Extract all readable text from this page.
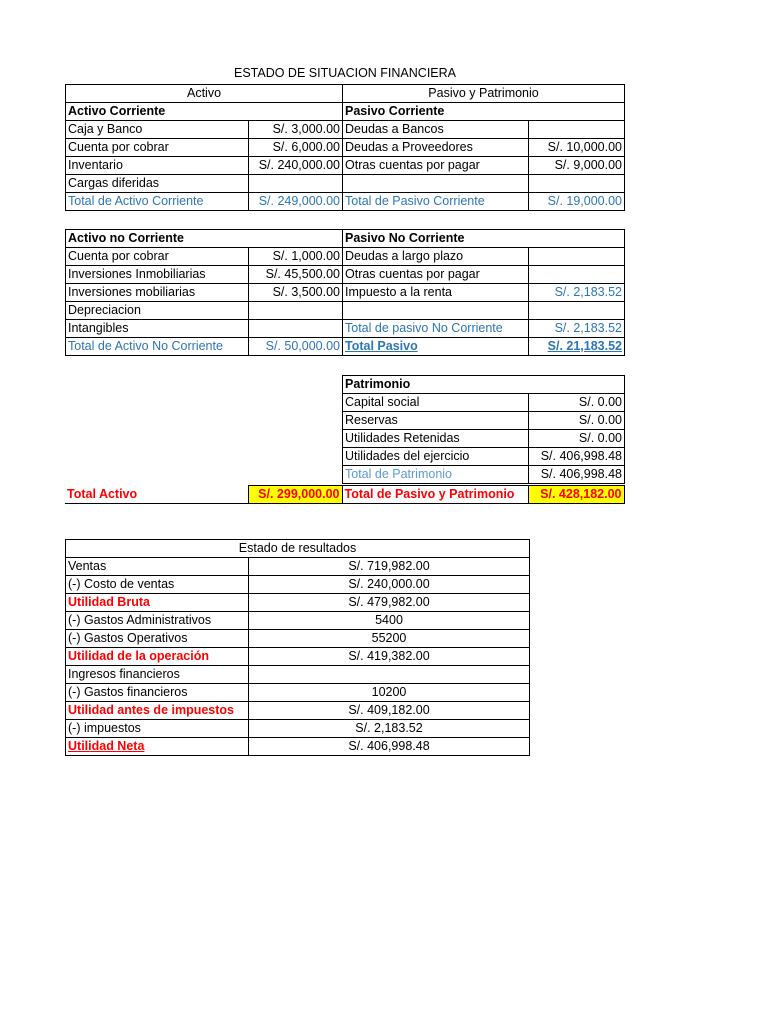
ESTADO DE SITUACION FINANCIERA
Activo		Pasivo y Patrimonio	
Activo Corriente		Pasivo Corriente	
Caja y Banco	S/. 3,000.00	Deudas a Bancos	
Cuenta por cobrar	S/. 6,000.00	Deudas a Proveedores	S/. 10,000.00
Inventario	S/. 240,000.00	Otras cuentas por pagar	S/. 9,000.00
Cargas diferidas			
Total de Activo Corriente	S/. 249,000.00	Total de Pasivo Corriente	S/. 19,000.00
Activo no Corriente		Pasivo No Corriente	
Cuenta por cobrar	S/. 1,000.00	Deudas a largo plazo	
Inversiones Inmobiliarias	S/. 45,500.00	Otras cuentas por pagar	
Inversiones mobiliarias	S/. 3,500.00	Impuesto a la renta	S/. 2,183.52
Depreciacion			
Intangibles		Total de pasivo No Corriente	S/. 2,183.52
Total de Activo No Corriente	S/. 50,000.00	Total Pasivo	S/. 21,183.52
Patrimonio	
Capital social	S/. 0.00
Reservas	S/. 0.00
Utilidades Retenidas	S/. 0.00
Utilidades del ejercicio	S/. 406,998.48
Total de Patrimonio	S/. 406,998.48
Total Activo	S/. 299,000.00	Total de Pasivo y Patrimonio	S/. 428,182.00
Estado de resultados	
Ventas	S/. 719,982.00
(-) Costo de ventas	S/. 240,000.00
Utilidad Bruta	S/. 479,982.00
(-) Gastos Administrativos	5400
(-) Gastos Operativos	55200
Utilidad de la operación	S/. 419,382.00
Ingresos financieros	
(-) Gastos financieros	10200
Utilidad antes de impuestos	S/. 409,182.00
(-) impuestos	S/. 2,183.52
Utilidad Neta	S/. 406,998.48
